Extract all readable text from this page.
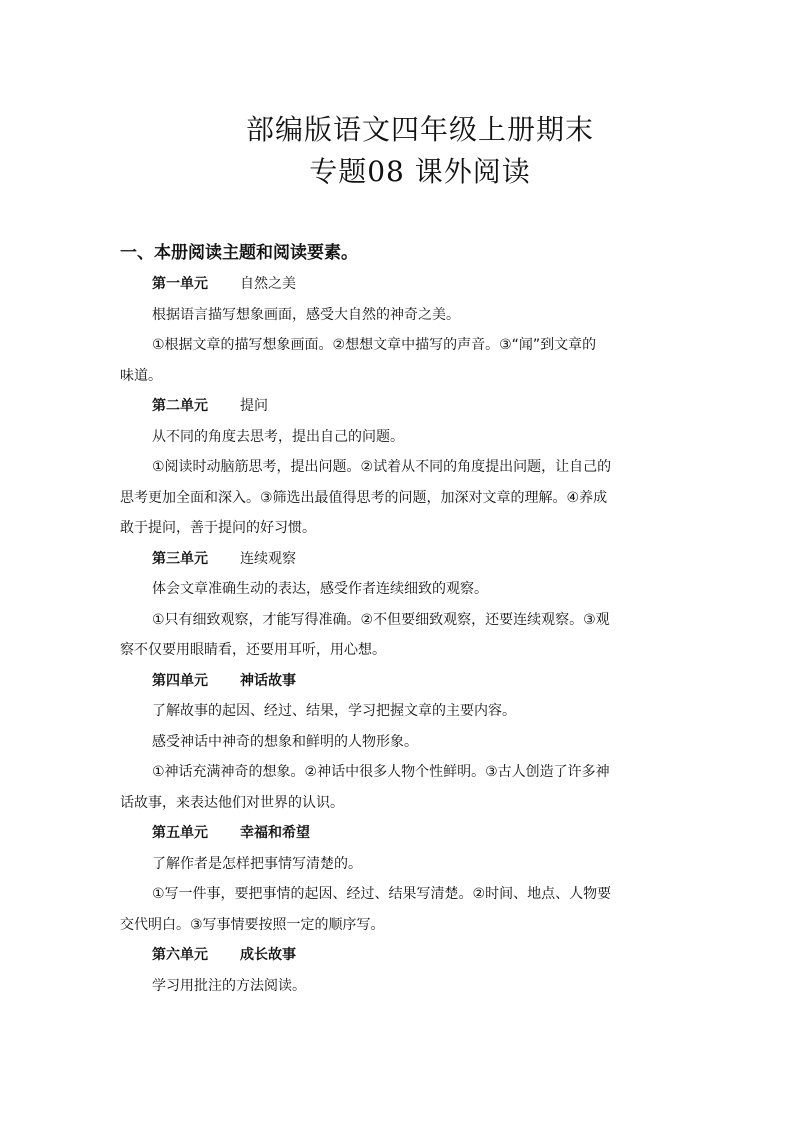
部编版语文四年级上册期末
专题08 课外阅读
一、本册阅读主题和阅读要素。

第一单元 自然之美

根据语言描写想象画面，感受大自然的神奇之美。

①根据文章的描写想象画面。②想想文章中描写的声音。③“闻”到文章的

味道。

第二单元 提问

从不同的角度去思考，提出自己的问题。

①阅读时动脑筋思考，提出问题。②试着从不同的角度提出问题，让自己的

思考更加全面和深入。③筛选出最值得思考的问题，加深对文章的理解。④养成

敢于提问，善于提问的好习惯。

第三单元 连续观察

体会文章准确生动的表达，感受作者连续细致的观察。

①只有细致观察，才能写得准确。②不但要细致观察，还要连续观察。③观

察不仅要用眼睛看，还要用耳听，用心想。

第四单元 神话故事

了解故事的起因、经过、结果，学习把握文章的主要内容。

感受神话中神奇的想象和鲜明的人物形象。

①神话充满神奇的想象。②神话中很多人物个性鲜明。③古人创造了许多神

话故事，来表达他们对世界的认识。

第五单元 幸福和希望

了解作者是怎样把事情写清楚的。

①写一件事，要把事情的起因、经过、结果写清楚。②时间、地点、人物要

交代明白。③写事情要按照一定的顺序写。

第六单元 成长故事

学习用批注的方法阅读。
